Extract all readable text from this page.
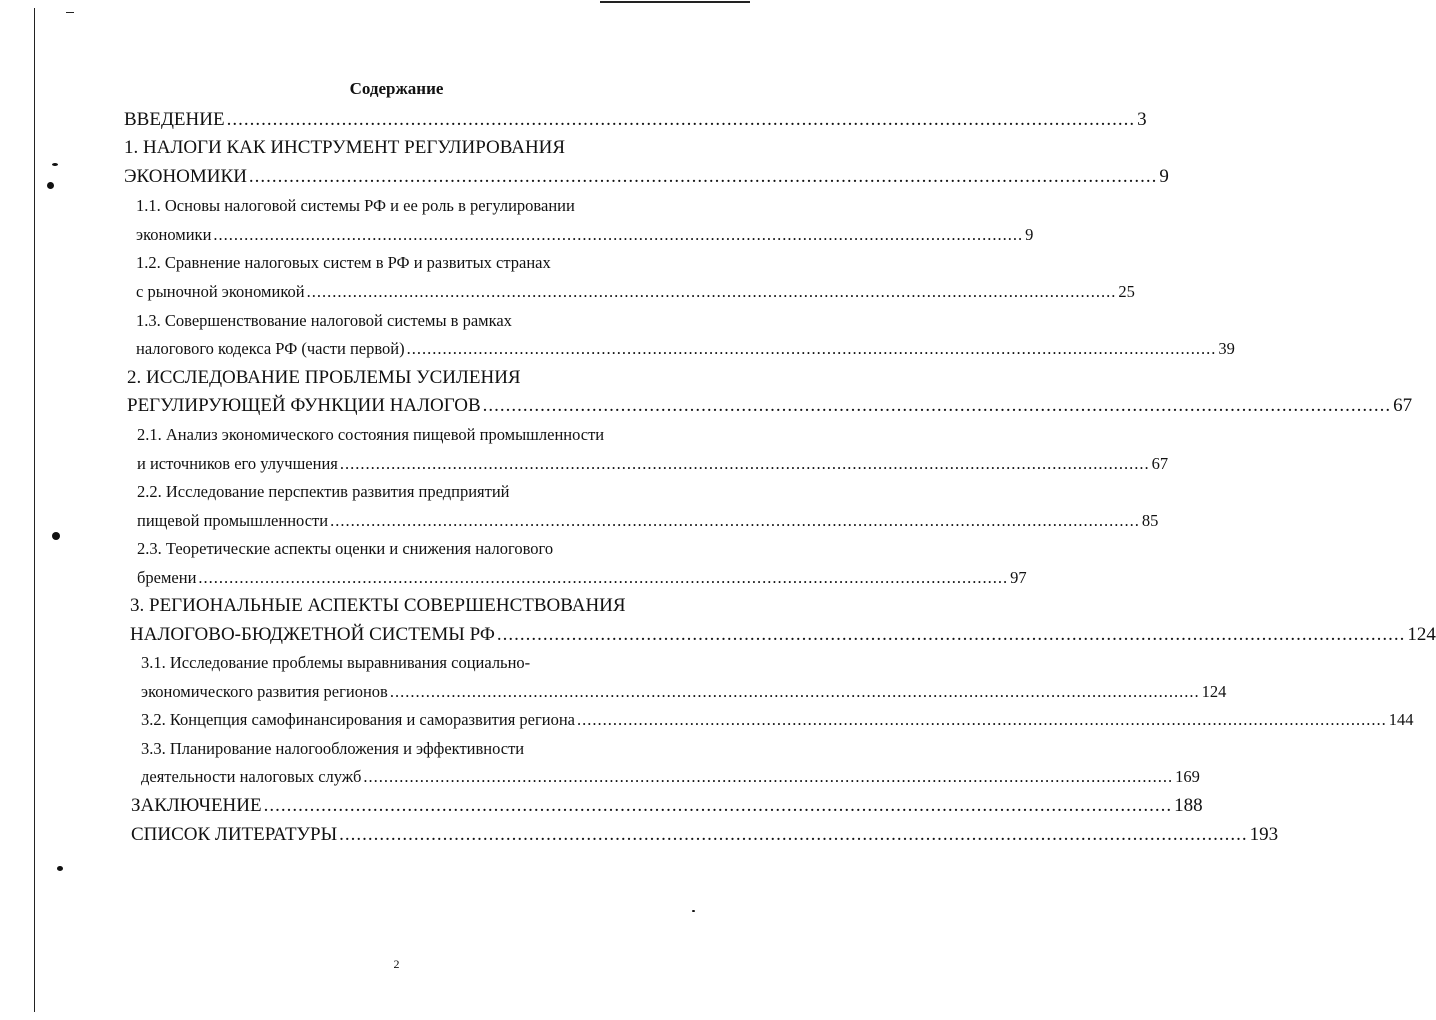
Содержание
ВВЕДЕНИЕ .............................................................................................................................................................. 3
1. НАЛОГИ КАК ИНСТРУМЕНТ РЕГУЛИРОВАНИЯ
ЭКОНОМИКИ .............................................................................................................................................................. 9
1.1. Основы налоговой системы РФ и ее роль в регулировании
экономики .............................................................................................................................................................. 9
1.2. Сравнение налоговых систем в РФ и развитых странах
с рыночной экономикой .............................................................................................................................................................. 25
1.3. Совершенствование налоговой системы в рамках
налогового кодекса РФ (части первой) .............................................................................................................................................................. 39
2. ИССЛЕДОВАНИЕ ПРОБЛЕМЫ УСИЛЕНИЯ
РЕГУЛИРУЮЩЕЙ ФУНКЦИИ НАЛОГОВ .............................................................................................................................................................. 67
2.1. Анализ экономического состояния пищевой промышленности
и источников его улучшения .............................................................................................................................................................. 67
2.2. Исследование перспектив развития предприятий
пищевой промышленности .............................................................................................................................................................. 85
2.3. Теоретические аспекты оценки и снижения налогового
бремени .............................................................................................................................................................. 97
3. РЕГИОНАЛЬНЫЕ АСПЕКТЫ СОВЕРШЕНСТВОВАНИЯ
НАЛОГОВО-БЮДЖЕТНОЙ СИСТЕМЫ РФ .............................................................................................................................................................. 124
3.1. Исследование проблемы выравнивания социально-
экономического развития регионов .............................................................................................................................................................. 124
3.2. Концепция самофинансирования и саморазвития региона .............................................................................................................................................................. 144
3.3. Планирование налогообложения и эффективности
деятельности налоговых служб .............................................................................................................................................................. 169
ЗАКЛЮЧЕНИЕ .............................................................................................................................................................. 188
СПИСОК ЛИТЕРАТУРЫ .............................................................................................................................................................. 193
2
